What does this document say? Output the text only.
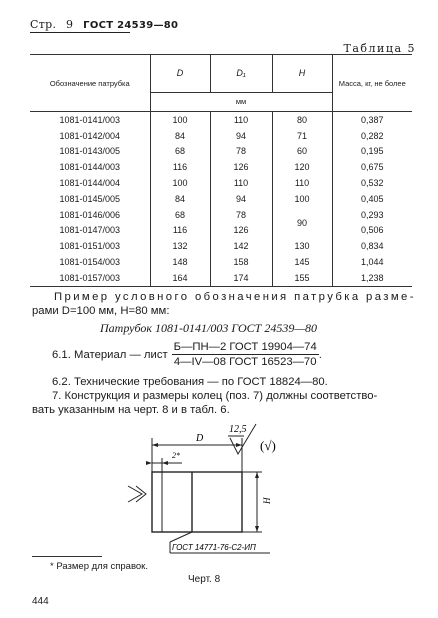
Стр. 9 ГОСТ 24539—80
Таблица 5
Обозначение патрубка	D	D₁	H	Масса, кг, не более
	мм			
1081-0141/003	100	110	80	0,387
1081-0142/004	84	94	71	0,282
1081-0143/005	68	78	60	0,195
1081-0144/003	116	126	120	0,675
1081-0144/004	100	110	110	0,532
1081-0145/005	84	94	100	0,405
1081-0146/006	68	78	90	0,293
1081-0147/003	116	126		0,506
1081-0151/003	132	142	130	0,834
1081-0154/003	148	158	145	1,044
1081-0157/003	164	174	155	1,238
Пример условного обозначения патрубка разме-
рами D=100 мм, H=80 мм:
Патрубок 1081-0141/003 ГОСТ 24539—80
6.1. Материал — лист $\frac{\text{Б—ПН—2 ГОСТ 19904—74}}{\text{4—IV—08 ГОСТ 16523—70}}$ .
6.2. Технические требования — по ГОСТ 18824—80.
7. Конструкция и размеры колец (поз. 7) должны соответство-
вать указанным на черт. 8 и в табл. 6.
D
2*
H
12,5
(√)
ГОСТ 14771-76-С2-ИП
* Размер для справок.
Черт. 8
444
